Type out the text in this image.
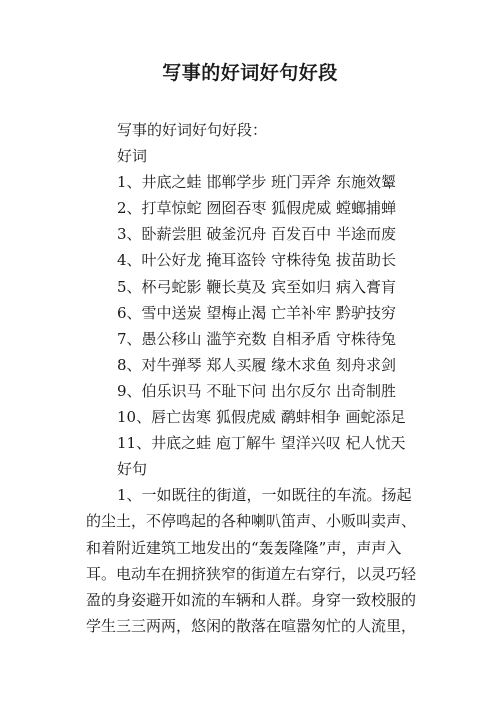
写事的好词好句好段
写事的好词好句好段：
好词
1、井底之蛙 邯郸学步 班门弄斧 东施效颦
2、打草惊蛇 囫囵吞枣 狐假虎威 螳螂捕蝉
3、卧薪尝胆 破釜沉舟 百发百中 半途而废
4、叶公好龙 掩耳盗铃 守株待兔 拔苗助长
5、杯弓蛇影 鞭长莫及 宾至如归 病入膏肓
6、雪中送炭 望梅止渴 亡羊补牢 黔驴技穷
7、愚公移山 滥竽充数 自相矛盾 守株待兔
8、对牛弹琴 郑人买履 缘木求鱼 刻舟求剑
9、伯乐识马 不耻下问 出尔反尔 出奇制胜
10、唇亡齿寒 狐假虎威 鹬蚌相争 画蛇添足
11、井底之蛙 庖丁解牛 望洋兴叹 杞人忧天
好句
1、一如既往的街道，一如既往的车流。扬起
的尘土，不停鸣起的各种喇叭笛声、小贩叫卖声、
和着附近建筑工地发出的“轰轰隆隆”声，声声入
耳。电动车在拥挤狭窄的街道左右穿行，以灵巧轻
盈的身姿避开如流的车辆和人群。身穿一致校服的
学生三三两两，悠闲的散落在喧嚣匆忙的人流里，
